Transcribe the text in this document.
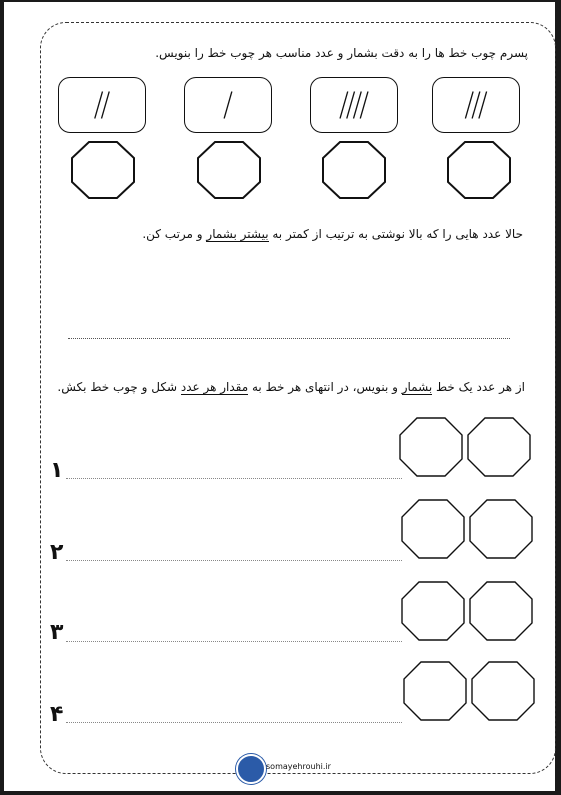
پسرم چوب خط ها را به دقت بشمار و عدد مناسب هر چوب خط را بنویس.
حالا عدد هایی را که بالا نوشتی به ترتیب از کمتر به بیشتر بشمار و مرتب کن.
از هر عدد یک خط بشمار و بنویس، در انتهای هر خط به مقدار هر عدد شکل و چوب خط بکش.
۱
۲
۳
۴
somayehrouhi.ir
